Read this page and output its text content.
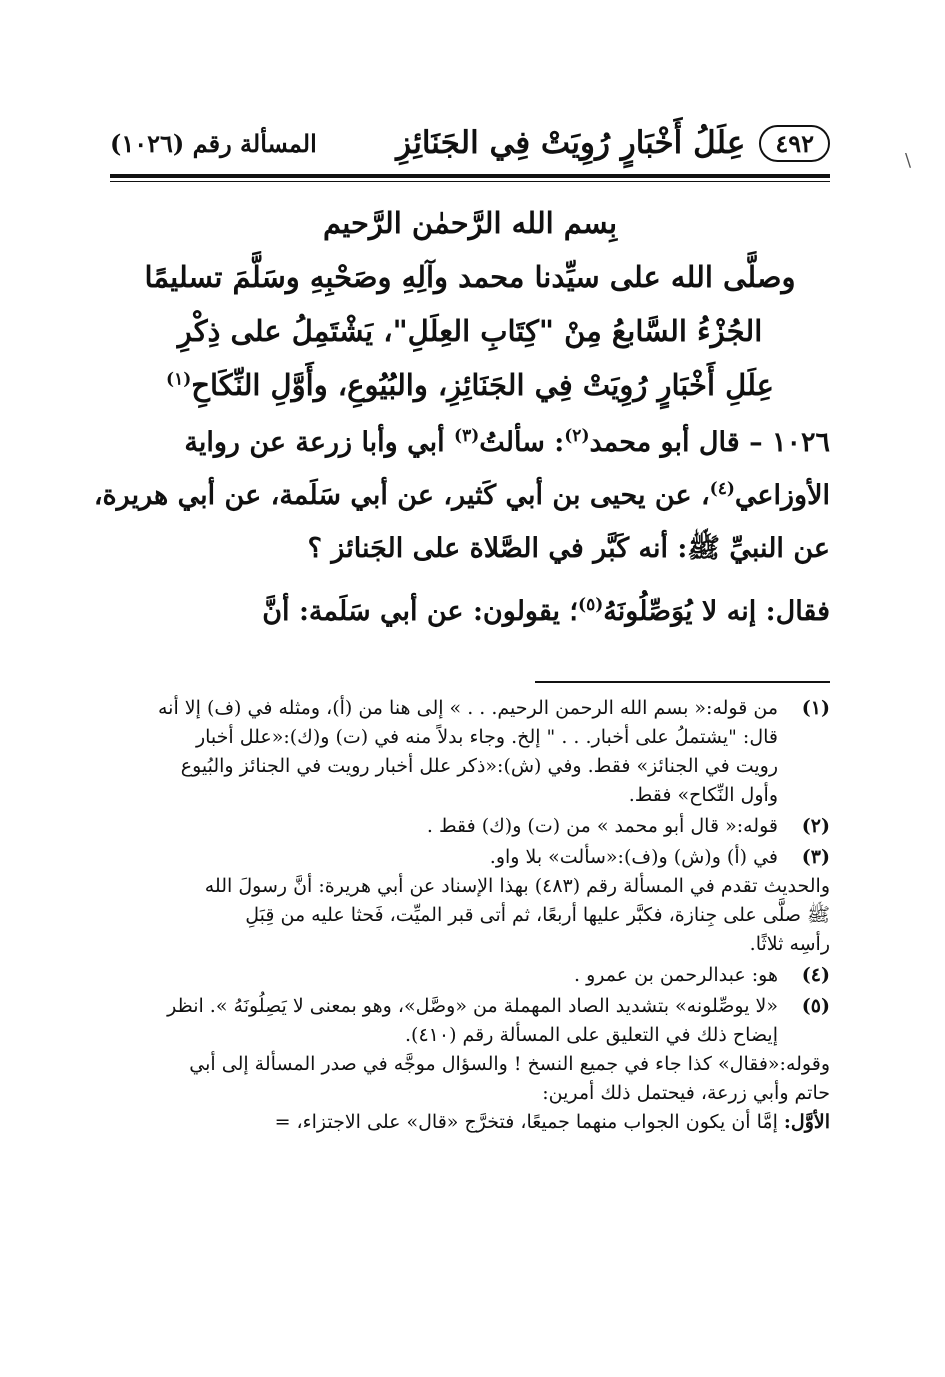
٤٩٢
عِلَلُ أَخْبَارٍ رُوِيَتْ فِي الجَنَائِزِ
المسألة رقم (١٠٢٦)
\
بِسم الله الرَّحمٰن الرَّحيم
وصلَّى الله على سيِّدنا محمد وآلِهِ وصَحْبِهِ وسَلَّمَ تسليمًا
الجُزْءُ السَّابعُ مِنْ "كِتَابِ العِلَلِ"، يَشْتَمِلُ على ذِكْرِ
عِلَلِ أَخْبَارٍ رُوِيَتْ فِي الجَنَائِزِ، والبُيُوعِ، وأَوَّلِ النِّكَاحِ$^{(١)}$

١٠٢٦ – قال أبو محمد$^{(٢)}$: سألتُ$^{(٣)}$ أبي وأبا زرعة عن رواية
الأوزاعي$^{(٤)}$، عن يحيى بن أبي كَثير، عن أبي سَلَمة، عن أبي هريرة،
عن النبيِّ ﷺ: أنه كَبَّر في الصَّلاة على الجَنائز ؟

فقال: إنه لا يُوَصِّلُونَهُ$^{(٥)}$؛ يقولون: عن أبي سَلَمة: أنَّ

(١)
من قوله:« بسم الله الرحمن الرحيم. . . » إلى هنا من (أ)، ومثله في (ف) إلا أنه
قال: "يشتملُ على أخبار. . . " إلخ. وجاء بدلاً منه في (ت) و(ك):«علل أخبار
رويت في الجنائز» فقط. وفي (ش):«ذكر علل أخبار رويت في الجنائز والبُيوع
وأول النِّكاح» فقط.
(٢)
قوله:« قال أبو محمد » من (ت) و(ك) فقط .
(٣)
في (أ) و(ش) و(ف):«سألت» بلا واو.
والحديث تقدم في المسألة رقم (٤٨٣) بهذا الإسناد عن أبي هريرة: أنَّ رسولَ الله
ﷺ صلَّى على جِنازة، فكبَّر عليها أربعًا، ثم أتى قبر الميِّت، فَحثا عليه من قِبَلِ
رأسِه ثلاثًا.
(٤)
هو: عبدالرحمن بن عمرو .
(٥)
«لا يوصِّلونه» بتشديد الصاد المهملة من «وصَّل»، وهو بمعنى لا يَصِلُونَهُ ». انظر
إيضاح ذلك في التعليق على المسألة رقم (٤١٠).
وقوله:«فقال» كذا جاء في جميع النسخ ! والسؤال موجَّه في صدر المسألة إلى أبي
حاتم وأبي زرعة، فيحتمل ذلك أمرين:
الأوَّل: إمَّا أن يكون الجواب منهما جميعًا، فتخرَّج «قال» على الاجتزاء، =
